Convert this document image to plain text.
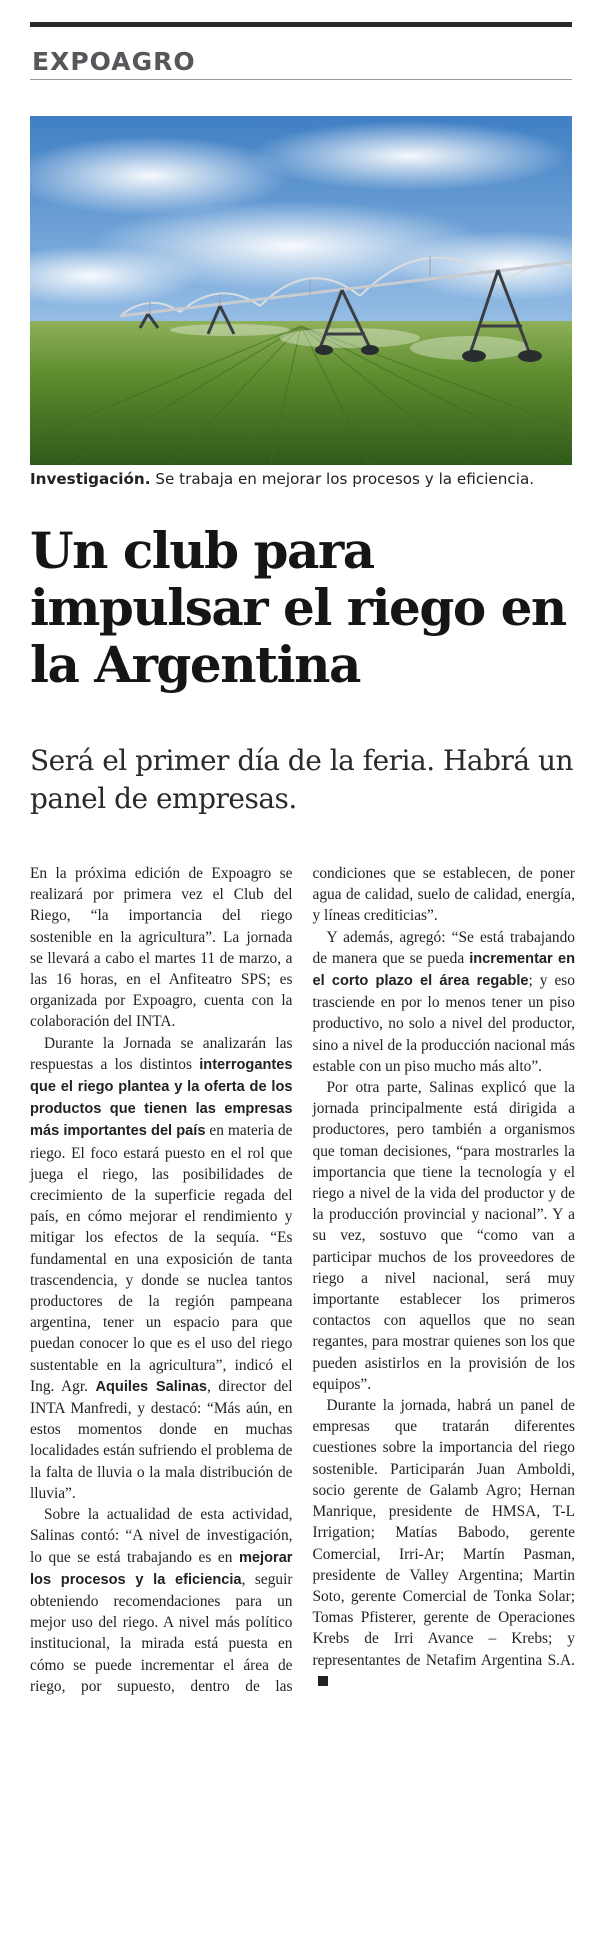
EXPOAGRO
Investigación. Se trabaja en mejorar los procesos y la eficiencia.
Un club para impulsar el riego en la Argentina

Será el primer día de la feria. Habrá un panel de empresas.

En la próxima edición de Expoagro se realizará por primera vez el Club del Riego, “la importancia del riego sostenible en la agricultura”. La jornada se llevará a cabo el martes 11 de marzo, a las 16 horas, en el Anfiteatro SPS; es organizada por Expoagro, cuenta con la colaboración del INTA.

Durante la Jornada se analizarán las respuestas a los distintos interrogantes que el riego plantea y la oferta de los productos que tienen las empresas más importantes del país en materia de riego. El foco estará puesto en el rol que juega el riego, las posibilidades de crecimiento de la superficie regada del país, en cómo mejorar el rendimiento y mitigar los efectos de la sequía. “Es fundamental en una exposición de tanta trascendencia, y donde se nuclea tantos productores de la región pampeana argentina, tener un espacio para que puedan conocer lo que es el uso del riego sustentable en la agricultura”, indicó el Ing. Agr. Aquiles Salinas, director del INTA Manfredi, y destacó: “Más aún, en estos momentos donde en muchas localidades están sufriendo el problema de la falta de lluvia o la mala distribución de lluvia”.

Sobre la actualidad de esta actividad, Salinas contó: “A nivel de investigación, lo que se está trabajando es en mejorar los procesos y la eficiencia, seguir obteniendo recomendaciones para un mejor uso del riego. A nivel más político institucional, la mirada está puesta en cómo se puede incrementar el área de riego, por supuesto, dentro de las condiciones que se establecen, de poner agua de calidad, suelo de calidad, energía, y líneas crediticias”.

Y además, agregó: “Se está trabajando de manera que se pueda incrementar en el corto plazo el área regable; y eso trasciende en por lo menos tener un piso productivo, no solo a nivel del productor, sino a nivel de la producción nacional más estable con un piso mucho más alto”.

Por otra parte, Salinas explicó que la jornada principalmente está dirigida a productores, pero también a organismos que toman decisiones, “para mostrarles la importancia que tiene la tecnología y el riego a nivel de la vida del productor y de la producción provincial y nacional”. Y a su vez, sostuvo que “como van a participar muchos de los proveedores de riego a nivel nacional, será muy importante establecer los primeros contactos con aquellos que no sean regantes, para mostrar quienes son los que pueden asistirlos en la provisión de los equipos”.

Durante la jornada, habrá un panel de empresas que tratarán diferentes cuestiones sobre la importancia del riego sostenible. Participarán Juan Amboldi, socio gerente de Galamb Agro; Hernan Manrique, presidente de HMSA, T-L Irrigation; Matías Babodo, gerente Comercial, Irri-Ar; Martín Pasman, presidente de Valley Argentina; Martin Soto, gerente Comercial de Tonka Solar; Tomas Pfisterer, gerente de Operaciones Krebs de Irri Avance – Krebs; y representantes de Netafim Argentina S.A.
